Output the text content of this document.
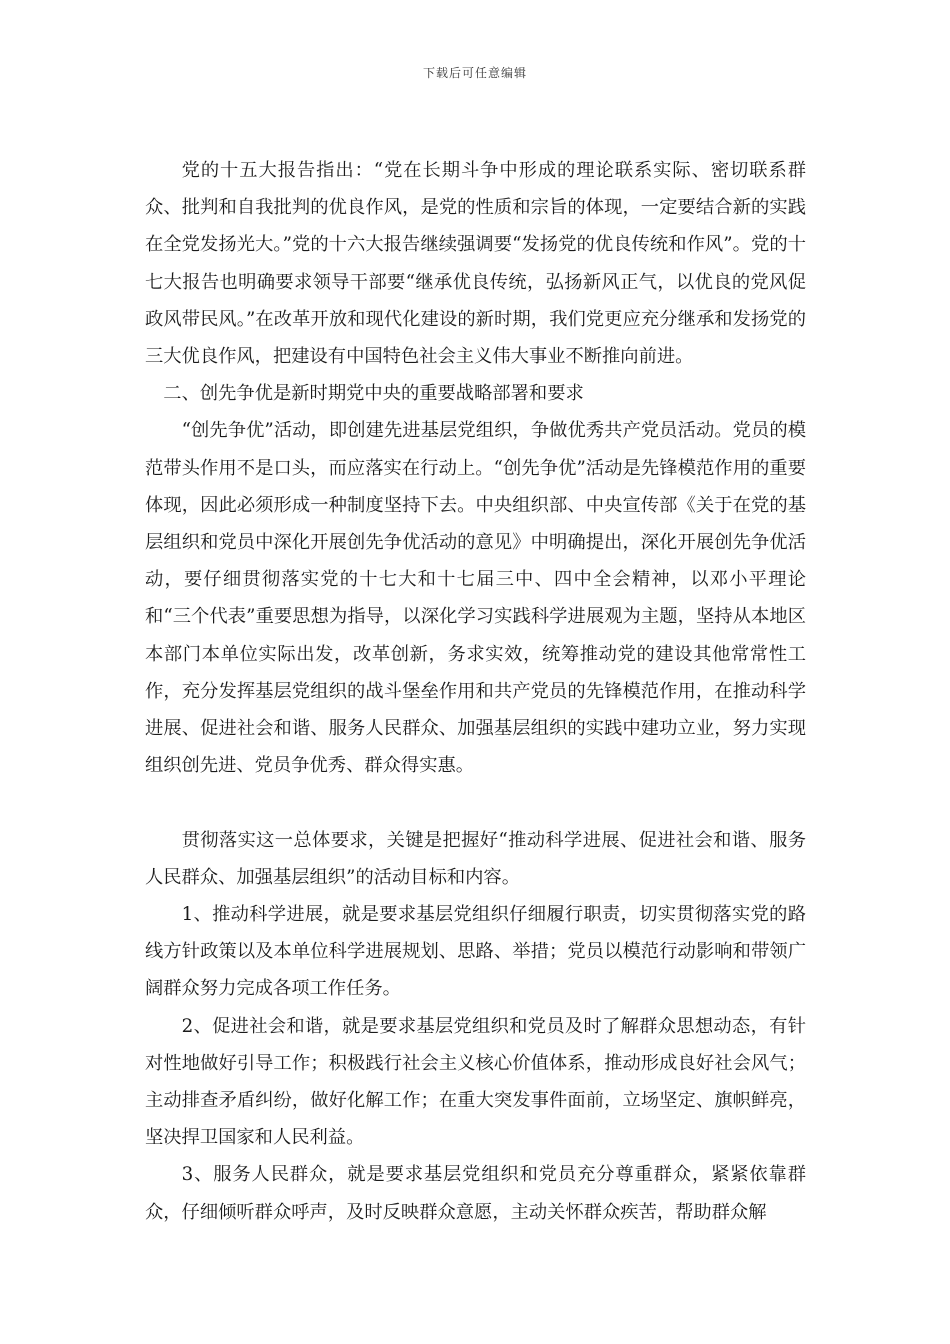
下载后可任意编辑

党的十五大报告指出：“党在长期斗争中形成的理论联系实际、密切联系群众、批判和自我批判的优良作风，是党的性质和宗旨的体现，一定要结合新的实践在全党发扬光大。”党的十六大报告继续强调要“发扬党的优良传统和作风”。党的十七大报告也明确要求领导干部要“继承优良传统，弘扬新风正气，以优良的党风促政风带民风。”在改革开放和现代化建设的新时期，我们党更应充分继承和发扬党的三大优良作风，把建设有中国特色社会主义伟大事业不断推向前进。

二、创先争优是新时期党中央的重要战略部署和要求

“创先争优”活动，即创建先进基层党组织，争做优秀共产党员活动。党员的模范带头作用不是口头，而应落实在行动上。“创先争优”活动是先锋模范作用的重要体现，因此必须形成一种制度坚持下去。中央组织部、中央宣传部《关于在党的基层组织和党员中深化开展创先争优活动的意见》中明确提出，深化开展创先争优活动，要仔细贯彻落实党的十七大和十七届三中、四中全会精神，以邓小平理论和“三个代表”重要思想为指导，以深化学习实践科学进展观为主题，坚持从本地区本部门本单位实际出发，改革创新，务求实效，统筹推动党的建设其他常常性工作，充分发挥基层党组织的战斗堡垒作用和共产党员的先锋模范作用，在推动科学进展、促进社会和谐、服务人民群众、加强基层组织的实践中建功立业，努力实现组织创先进、党员争优秀、群众得实惠。

贯彻落实这一总体要求，关键是把握好“推动科学进展、促进社会和谐、服务人民群众、加强基层组织”的活动目标和内容。

1、推动科学进展，就是要求基层党组织仔细履行职责，切实贯彻落实党的路线方针政策以及本单位科学进展规划、思路、举措；党员以模范行动影响和带领广阔群众努力完成各项工作任务。

2、促进社会和谐，就是要求基层党组织和党员及时了解群众思想动态，有针对性地做好引导工作；积极践行社会主义核心价值体系，推动形成良好社会风气；主动排查矛盾纠纷，做好化解工作；在重大突发事件面前，立场坚定、旗帜鲜亮，坚决捍卫国家和人民利益。

3、服务人民群众，就是要求基层党组织和党员充分尊重群众，紧紧依靠群众，仔细倾听群众呼声，及时反映群众意愿，主动关怀群众疾苦，帮助群众解
